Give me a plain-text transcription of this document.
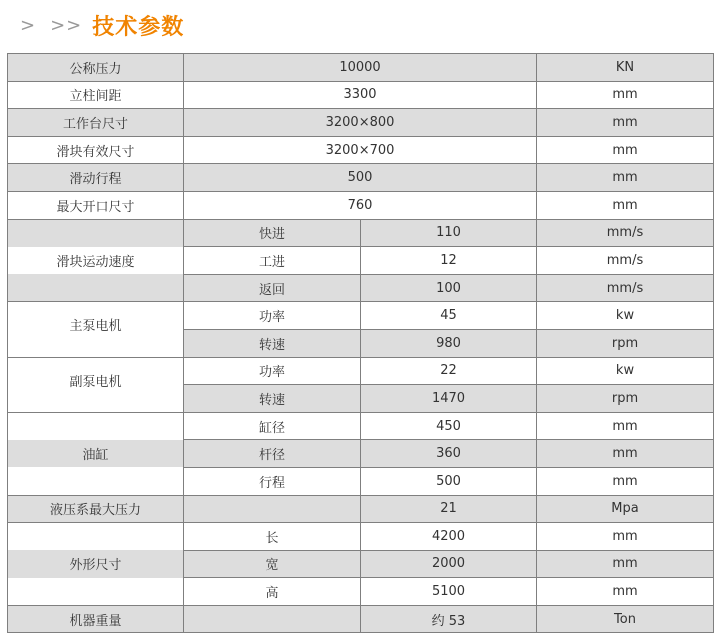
> >> 技术参数
公称压力	10000		KN
立柱间距	3300		mm
工作台尺寸	3200×800		mm
滑块有效尺寸	3200×700		mm
滑动行程	500		mm
最大开口尺寸	760		mm
	快进	110	mm/s
滑块运动速度	工进	12	mm/s
	返回	100	mm/s
	功率	45	kw

主泵电机	转速	980	rpm
	功率	22	kw

副泵电机	转速	1470	rpm
	缸径	450	mm
油缸	杆径	360	mm
	行程	500	mm
液压系最大压力		21	Mpa
	长	4200	mm
外形尺寸	宽	2000	mm
	高	5100	mm
机器重量		约 53	Ton
